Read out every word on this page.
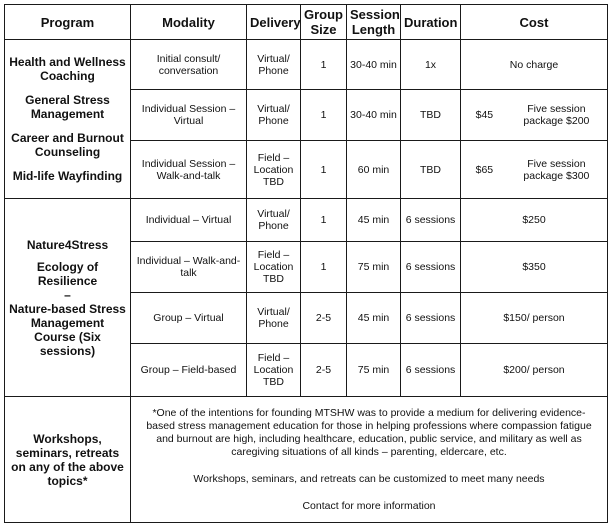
Program	Modality	Delivery	Group Size	Session Length	Duration	Cost

Health and Wellness Coaching
General Stress Management
Career and Burnout Counseling
Mid-life Wayfinding	Initial consult/ conversation	Virtual/ Phone	1	30-40 min	1x	No charge
	Individual Session – Virtual	Virtual/ Phone	1	30-40 min	TBD	$45 Five session package $200

	Individual Session – Walk-and-talk	Field – Location TBD	1	60 min	TBD	$65 Five session package $300

Nature4Stress
Ecology of Resilience
–
Nature-based Stress Management Course (Six sessions)	Individual – Virtual	Virtual/ Phone	1	45 min	6 sessions	$250
	Individual – Walk-and-talk	Field – Location TBD	1	75 min	6 sessions	$350
	Group – Virtual	Virtual/ Phone	2-5	45 min	6 sessions	$150/ person
	Group – Field-based	Field – Location TBD	2-5	75 min	6 sessions	$200/ person
Workshops, seminars, retreats on any of the above topics*	*One of the intentions for founding MTSHW was to provide a medium for delivering evidence-based stress management education for those in helping professions where compassion fatigue and burnout are high, including healthcare, education, public service, and military as well as caregiving situations of all kinds – parenting, eldercare, etc.

Workshops, seminars, and retreats can be customized to meet many needs

Contact for more information					
